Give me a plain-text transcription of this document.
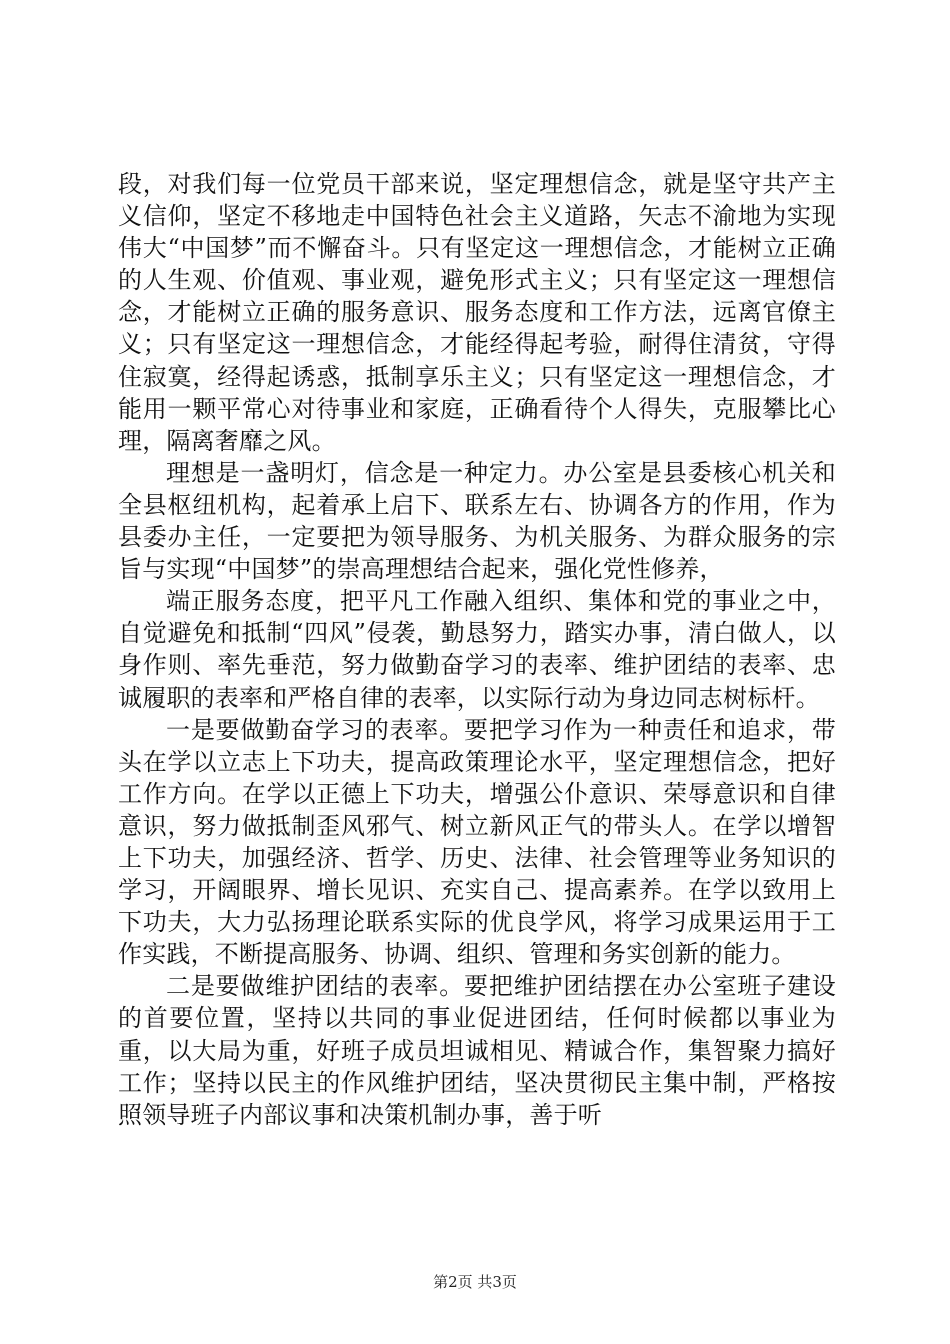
段，对我们每一位党员干部来说，坚定理想信念，就是坚守共产主义信仰，坚定不移地走中国特色社会主义道路，矢志不渝地为实现伟大“中国梦”而不懈奋斗。只有坚定这一理想信念，才能树立正确的人生观、价值观、事业观，避免形式主义；只有坚定这一理想信念，才能树立正确的服务意识、服务态度和工作方法，远离官僚主义；只有坚定这一理想信念，才能经得起考验，耐得住清贫，守得住寂寞，经得起诱惑，抵制享乐主义；只有坚定这一理想信念，才能用一颗平常心对待事业和家庭，正确看待个人得失，克服攀比心理，隔离奢靡之风。

理想是一盏明灯，信念是一种定力。办公室是县委核心机关和全县枢纽机构，起着承上启下、联系左右、协调各方的作用，作为县委办主任，一定要把为领导服务、为机关服务、为群众服务的宗旨与实现“中国梦”的崇高理想结合起来，强化党性修养，

端正服务态度，把平凡工作融入组织、集体和党的事业之中，自觉避免和抵制“四风”侵袭，勤恳努力，踏实办事，清白做人，以身作则、率先垂范，努力做勤奋学习的表率、维护团结的表率、忠诚履职的表率和严格自律的表率，以实际行动为身边同志树标杆。

一是要做勤奋学习的表率。要把学习作为一种责任和追求，带头在学以立志上下功夫，提高政策理论水平，坚定理想信念，把好工作方向。在学以正德上下功夫，增强公仆意识、荣辱意识和自律意识，努力做抵制歪风邪气、树立新风正气的带头人。在学以增智上下功夫，加强经济、哲学、历史、法律、社会管理等业务知识的学习，开阔眼界、增长见识、充实自己、提高素养。在学以致用上下功夫，大力弘扬理论联系实际的优良学风，将学习成果运用于工作实践，不断提高服务、协调、组织、管理和务实创新的能力。

二是要做维护团结的表率。要把维护团结摆在办公室班子建设的首要位置，坚持以共同的事业促进团结，任何时候都以事业为重，以大局为重，好班子成员坦诚相见、精诚合作，集智聚力搞好工作；坚持以民主的作风维护团结，坚决贯彻民主集中制，严格按照领导班子内部议事和决策机制办事，善于听

第2页 共3页
